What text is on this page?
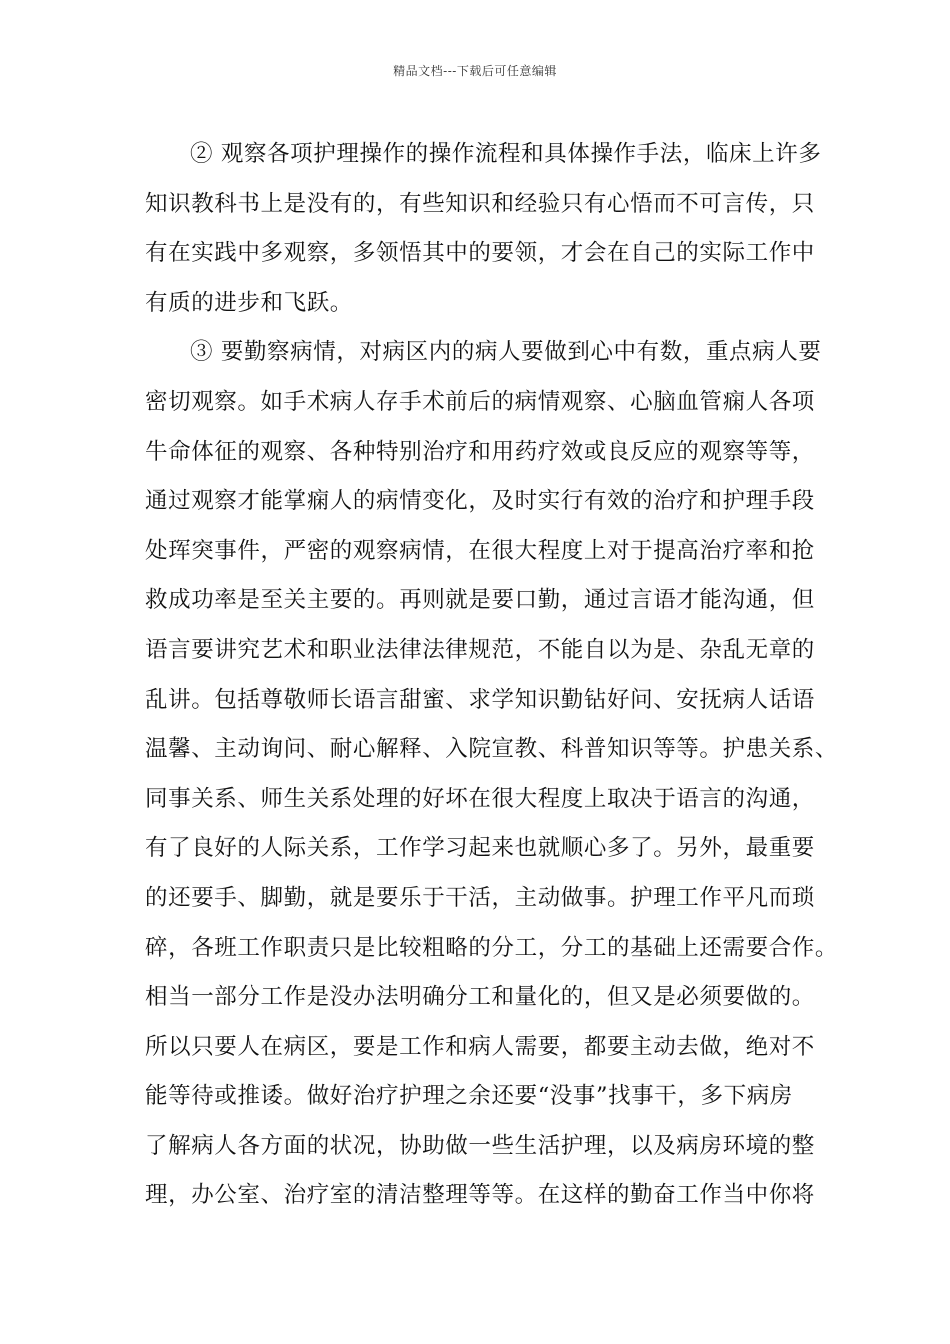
精品文档---下载后可任意编辑
② 观察各项护理操作的操作流程和具体操作手法，临床上许多
知识教科书上是没有的，有些知识和经验只有心悟而不可言传，只
有在实践中多观察，多领悟其中的要领，才会在自己的实际工作中
有质的进步和飞跃。
③ 要勤察病情，对病区内的病人要做到心中有数，重点病人要
密切观察。如手术病人存手术前后的病情观察、心脑血管痫人各项
牛命体征的观察、各种特别治疗和用药疗效或良反应的观察等等，
通过观察才能掌痫人的病情变化，及时实行有效的治疗和护理手段
处珲突事件，严密的观察病情，在很大程度上对于提高治疗率和抢
救成功率是至关主要的。再则就是要口勤，通过言语才能沟通，但
语言要讲究艺术和职业法律法律规范，不能自以为是、杂乱无章的
乱讲。包括尊敬师长语言甜蜜、求学知识勤钻好问、安抚病人话语
温馨、主动询问、耐心解释、入院宣教、科普知识等等。护患关系、
同事关系、师生关系处理的好坏在很大程度上取决于语言的沟通，
有了良好的人际关系，工作学习起来也就顺心多了。另外，最重要
的还要手、脚勤，就是要乐于干活，主动做事。护理工作平凡而琐
碎，各班工作职责只是比较粗略的分工，分工的基础上还需要合作。
相当一部分工作是没办法明确分工和量化的，但又是必须要做的。
所以只要人在病区，要是工作和病人需要，都要主动去做，绝对不
能等待或推诿。做好治疗护理之余还要“没事”找事干，多下病房
了解病人各方面的状况，协助做一些生活护理，以及病房环境的整
理，办公室、治疗室的清洁整理等等。在这样的勤奋工作当中你将
